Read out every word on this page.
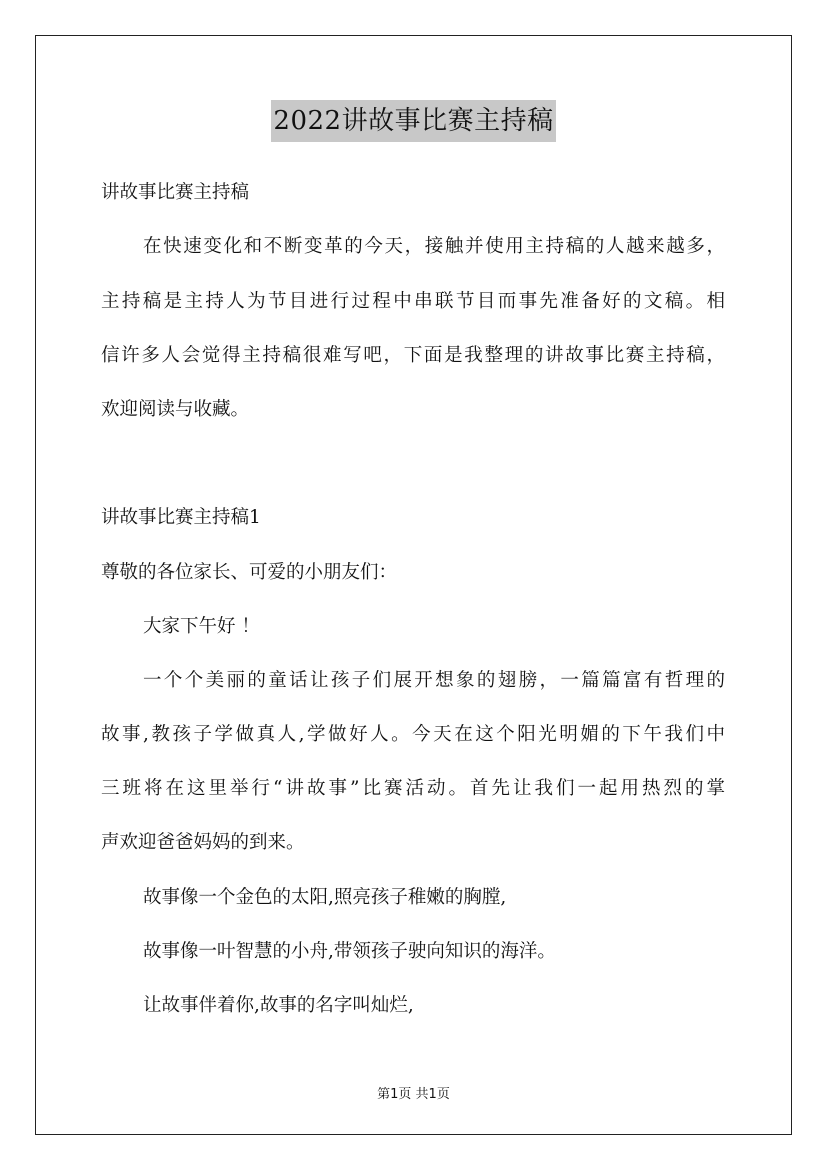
2022讲故事比赛主持稿
讲故事比赛主持稿
在快速变化和不断变革的今天，接触并使用主持稿的人越来越多，
主持稿是主持人为节目进行过程中串联节目而事先准备好的文稿。相
信许多人会觉得主持稿很难写吧，下面是我整理的讲故事比赛主持稿，
欢迎阅读与收藏。
讲故事比赛主持稿1
尊敬的各位家长、可爱的小朋友们：
大家下午好 ！
一个个美丽的童话让孩子们展开想象的翅膀，一篇篇富有哲理的
故事,教孩子学做真人,学做好人。今天在这个阳光明媚的下午我们中
三班将在这里举行“讲故事”比赛活动。首先让我们一起用热烈的掌
声欢迎爸爸妈妈的到来。
故事像一个金色的太阳,照亮孩子稚嫩的胸膛,
故事像一叶智慧的小舟,带领孩子驶向知识的海洋。
让故事伴着你,故事的名字叫灿烂,
第1页 共1页
